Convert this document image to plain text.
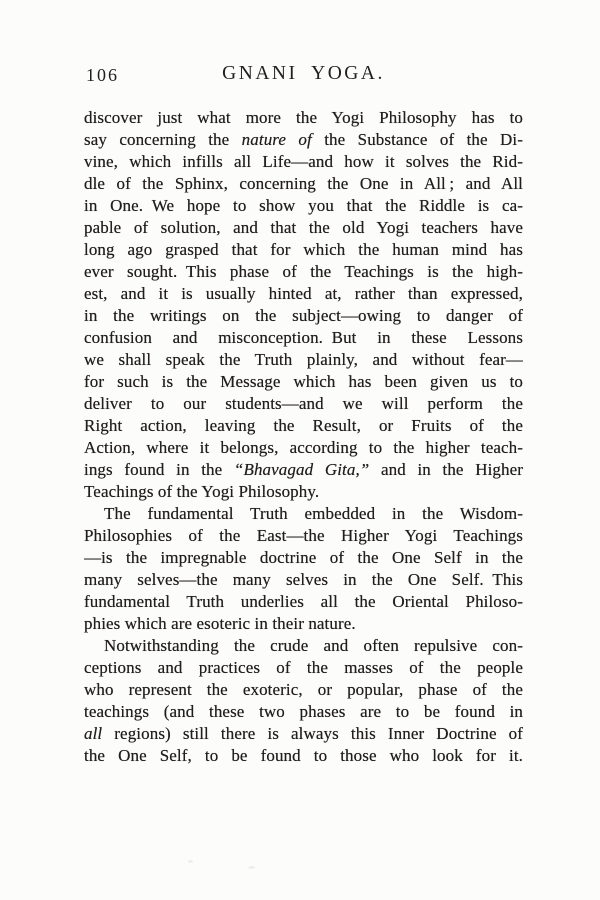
106	GNANI YOGA.
discover just what more the Yogi Philosophy has to
say concerning the nature of the Substance of the Di-
vine, which infills all Life—and how it solves the Rid-
dle of the Sphinx, concerning the One in All ; and All
in One. We hope to show you that the Riddle is ca-
pable of solution, and that the old Yogi teachers have
long ago grasped that for which the human mind has
ever sought. This phase of the Teachings is the high-
est, and it is usually hinted at, rather than expressed,
in the writings on the subject—owing to danger of
confusion and misconception. But in these Lessons
we shall speak the Truth plainly, and without fear—
for such is the Message which has been given us to
deliver to our students—and we will perform the
Right action, leaving the Result, or Fruits of the
Action, where it belongs, according to the higher teach-
ings found in the “Bhavagad Gita,” and in the Higher
Teachings of the Yogi Philosophy.
The fundamental Truth embedded in the Wisdom-
Philosophies of the East—the Higher Yogi Teachings
—is the impregnable doctrine of the One Self in the
many selves—the many selves in the One Self. This
fundamental Truth underlies all the Oriental Philoso-
phies which are esoteric in their nature.
Notwithstanding the crude and often repulsive con-
ceptions and practices of the masses of the people
who represent the exoteric, or popular, phase of the
teachings (and these two phases are to be found in
all regions) still there is always this Inner Doctrine of
the One Self, to be found to those who look for it.
